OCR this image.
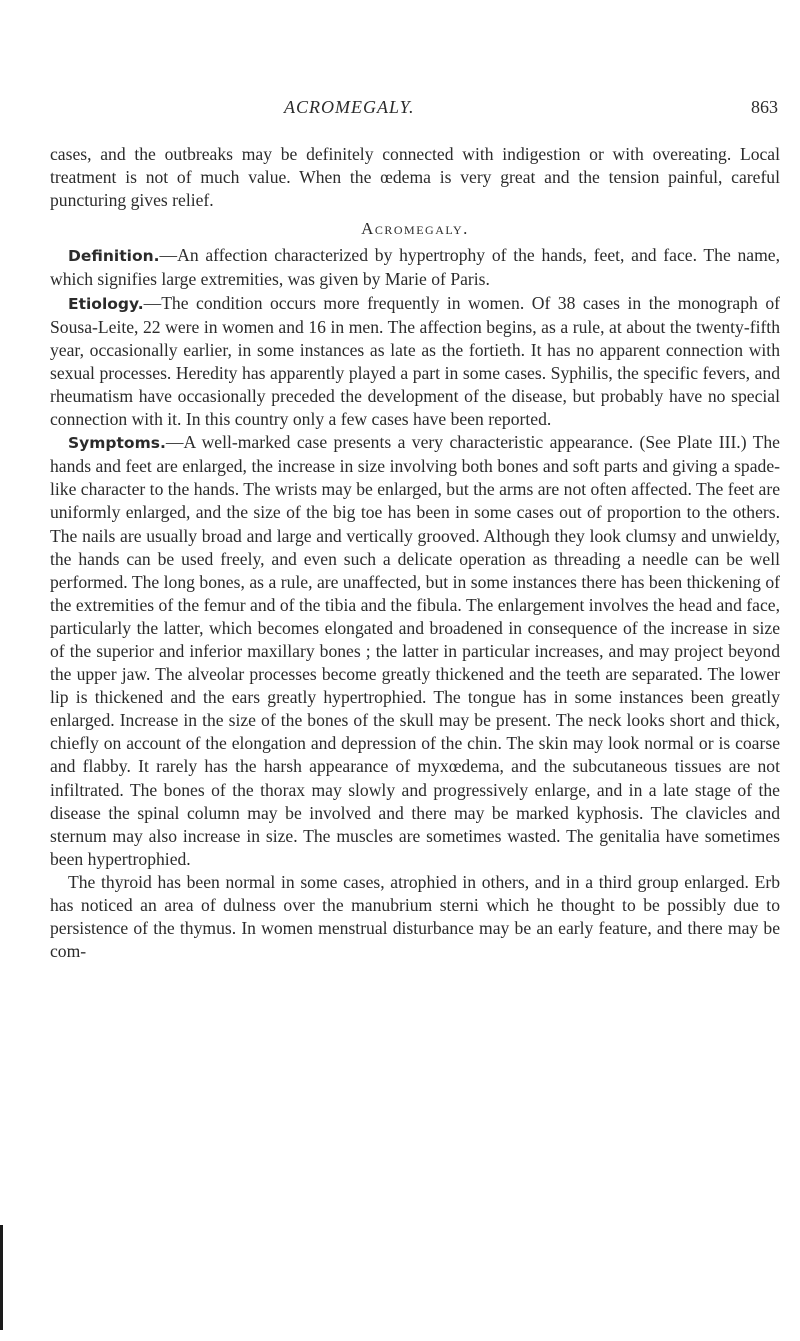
ACROMEGALY.	863

cases, and the outbreaks may be definitely connected with indigestion or with overeating. Local treatment is not of much value. When the œdema is very great and the tension painful, careful puncturing gives relief.

Acromegaly.

Definition.—An affection characterized by hypertrophy of the hands, feet, and face. The name, which signifies large extremities, was given by Marie of Paris.

Etiology.—The condition occurs more frequently in women. Of 38 cases in the monograph of Sousa-Leite, 22 were in women and 16 in men. The affection begins, as a rule, at about the twenty-fifth year, occasionally earlier, in some instances as late as the fortieth. It has no apparent connection with sexual processes. Heredity has apparently played a part in some cases. Syphilis, the specific fevers, and rheumatism have occasionally preceded the development of the disease, but probably have no special connection with it. In this country only a few cases have been reported.

Symptoms.—A well-marked case presents a very characteristic appearance. (See Plate III.) The hands and feet are enlarged, the increase in size involving both bones and soft parts and giving a spade-like character to the hands. The wrists may be enlarged, but the arms are not often affected. The feet are uniformly enlarged, and the size of the big toe has been in some cases out of proportion to the others. The nails are usually broad and large and vertically grooved. Although they look clumsy and unwieldy, the hands can be used freely, and even such a delicate operation as threading a needle can be well performed. The long bones, as a rule, are unaffected, but in some instances there has been thickening of the extremities of the femur and of the tibia and the fibula. The enlargement involves the head and face, particularly the latter, which becomes elongated and broadened in consequence of the increase in size of the superior and inferior maxillary bones ; the latter in particular increases, and may project beyond the upper jaw. The alveolar processes become greatly thickened and the teeth are separated. The lower lip is thickened and the ears greatly hypertrophied. The tongue has in some instances been greatly enlarged. Increase in the size of the bones of the skull may be present. The neck looks short and thick, chiefly on account of the elongation and depression of the chin. The skin may look normal or is coarse and flabby. It rarely has the harsh appearance of myxœdema, and the subcutaneous tissues are not infiltrated. The bones of the thorax may slowly and progressively enlarge, and in a late stage of the disease the spinal column may be involved and there may be marked kyphosis. The clavicles and sternum may also increase in size. The muscles are sometimes wasted. The genitalia have sometimes been hypertrophied.

The thyroid has been normal in some cases, atrophied in others, and in a third group enlarged. Erb has noticed an area of dulness over the manubrium sterni which he thought to be possibly due to persistence of the thymus. In women menstrual disturbance may be an early feature, and there may be com-
